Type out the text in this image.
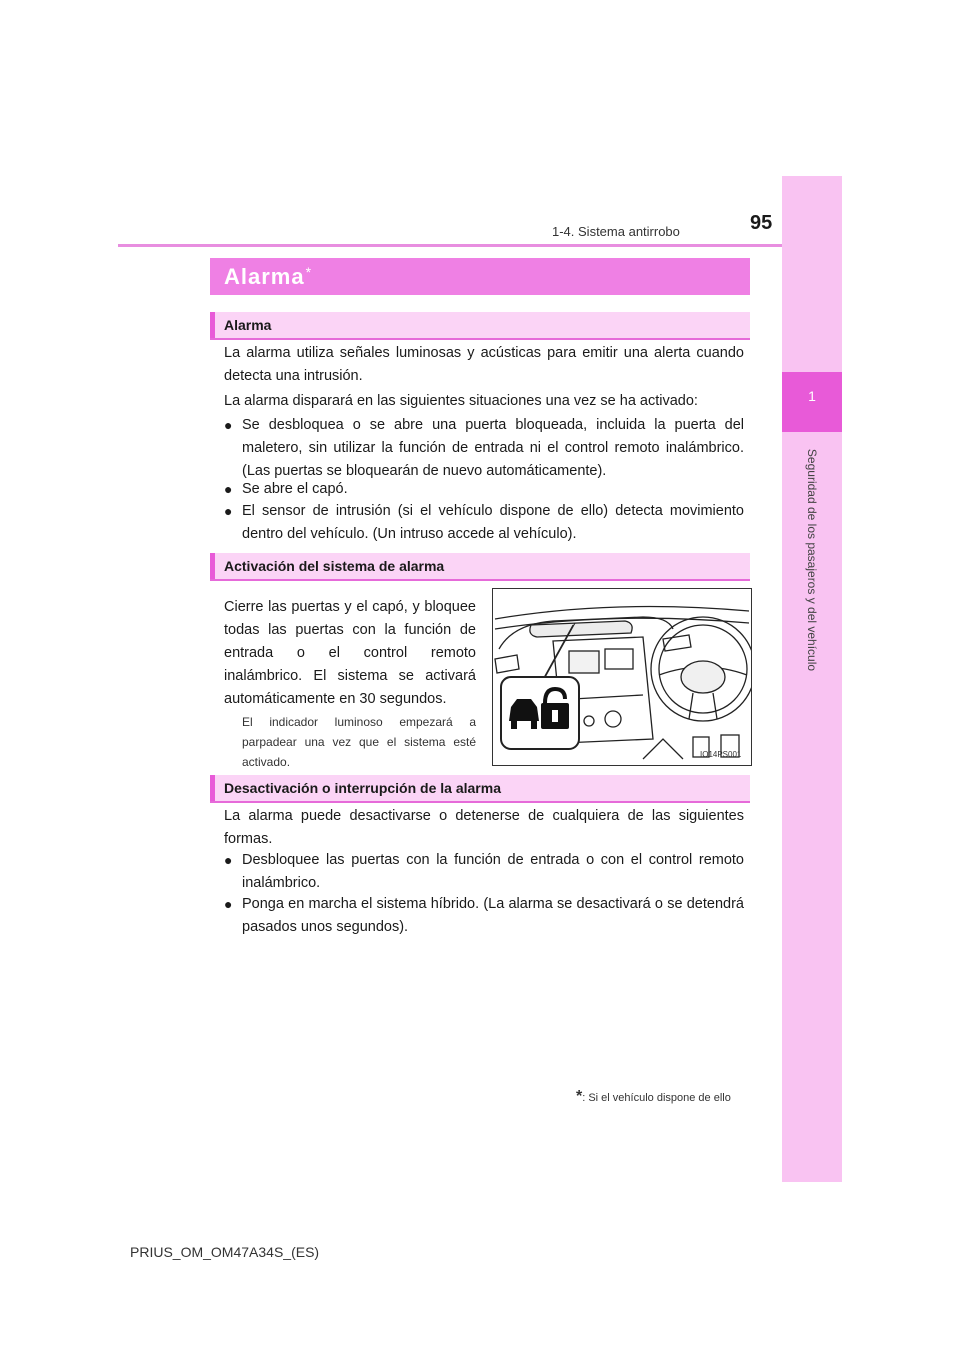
1-4. Sistema antirrobo	95
1
Seguridad de los pasajeros y del vehículo
Alarma*
Alarma
La alarma utiliza señales luminosas y acústicas para emitir una alerta cuando detecta una intrusión.
La alarma disparará en las siguientes situaciones una vez se ha activado:
● Se desbloquea o se abre una puerta bloqueada, incluida la puerta del maletero, sin utilizar la función de entrada ni el control remoto inalámbrico. (Las puertas se bloquearán de nuevo automáticamente).
● Se abre el capó.
● El sensor de intrusión (si el vehículo dispone de ello) detecta movimiento dentro del vehículo. (Un intruso accede al vehículo).
Activación del sistema de alarma
Cierre las puertas y el capó, y bloquee todas las puertas con la función de entrada o el control remoto inalámbrico. El sistema se activará automáticamente en 30 segundos.
El indicador luminoso empezará a parpadear una vez que el sistema esté activado.
IO14PS001
Desactivación o interrupción de la alarma
La alarma puede desactivarse o detenerse de cualquiera de las siguientes formas.
● Desbloquee las puertas con la función de entrada o con el control remoto inalámbrico.
● Ponga en marcha el sistema híbrido. (La alarma se desactivará o se detendrá pasados unos segundos).
*: Si el vehículo dispone de ello
PRIUS_OM_OM47A34S_(ES)
